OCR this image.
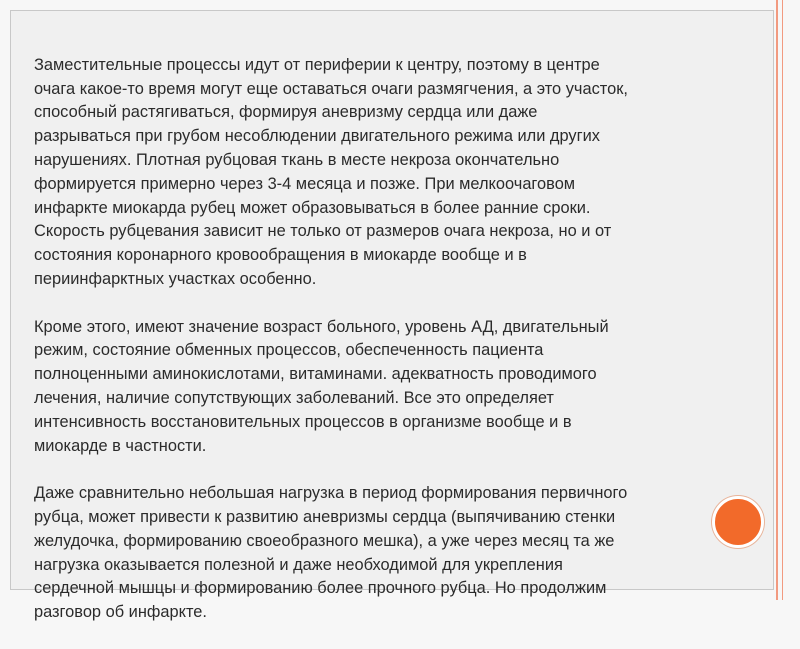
Заместительные процессы идут от периферии к центру, поэтому в центре
очага какое-то время могут еще оставаться очаги размягчения, а это участок,
способный растягиваться, формируя аневризму сердца или даже
разрываться при грубом несоблюдении двигательного режима или других
нарушениях. Плотная рубцовая ткань в месте некроза окончательно
формируется примерно через 3-4 месяца и позже. При мелкоочаговом
инфаркте миокарда рубец может образовываться в более ранние сроки.
Скорость рубцевания зависит не только от размеров очага некроза, но и от
состояния коронарного кровообращения в миокарде вообще и в
периинфарктных участках особенно.

Кроме этого, имеют значение возраст больного, уровень АД, двигательный
режим, состояние обменных процессов, обеспеченность пациента
полноценными аминокислотами, витаминами. адекватность проводимого
лечения, наличие сопутствующих заболеваний. Все это определяет
интенсивность восстановительных процессов в организме вообще и в
миокарде в частности.

Даже сравнительно небольшая нагрузка в период формирования первичного
рубца, может привести к развитию аневризмы сердца (выпячиванию стенки
желудочка, формированию своеобразного мешка), а уже через месяц та же
нагрузка оказывается полезной и даже необходимой для укрепления
сердечной мышцы и формированию более прочного рубца. Но продолжим
разговор об инфаркте.
